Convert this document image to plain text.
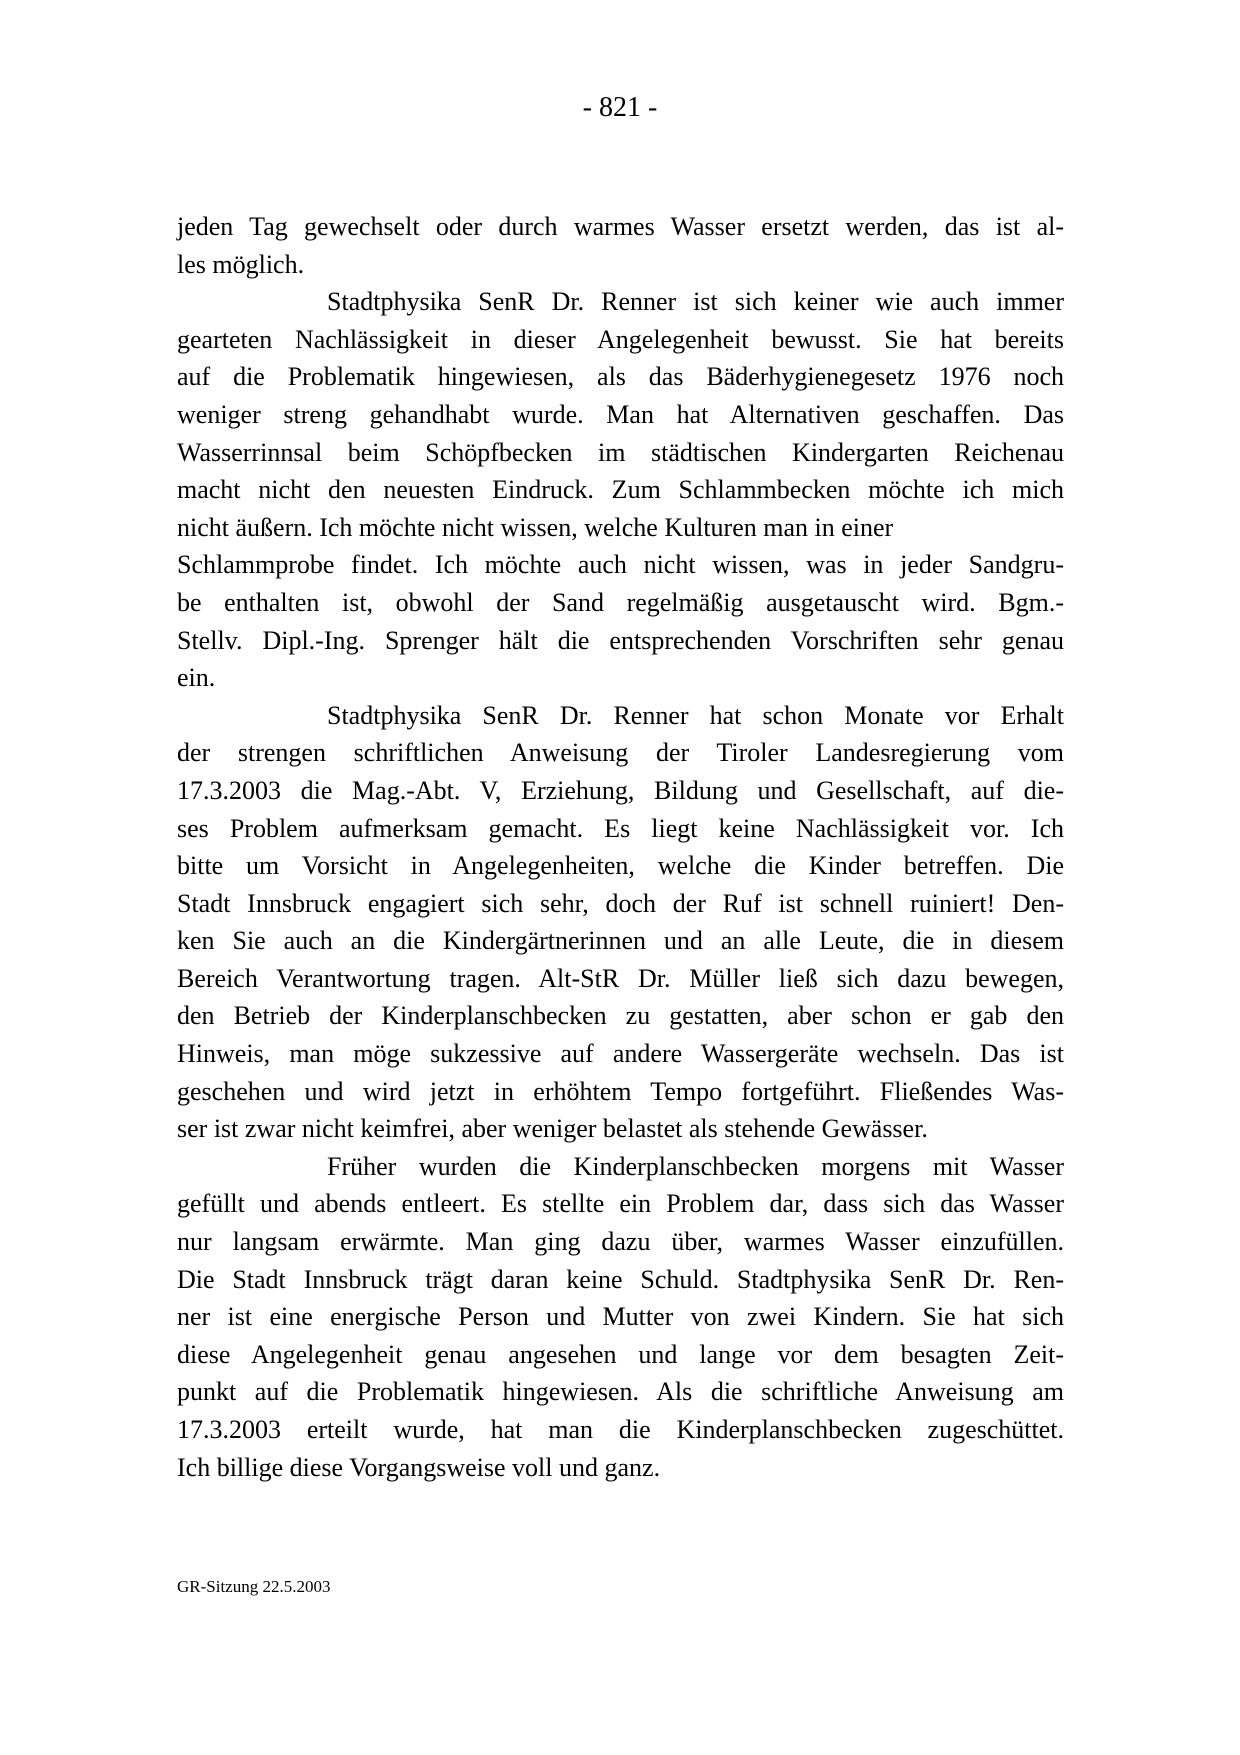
- 821 -
jeden Tag gewechselt oder durch warmes Wasser ersetzt werden, das ist al-
les möglich.
Stadtphysika SenR Dr. Renner ist sich keiner wie auch immer
gearteten Nachlässigkeit in dieser Angelegenheit bewusst. Sie hat bereits
auf die Problematik hingewiesen, als das Bäderhygienegesetz 1976 noch
weniger streng gehandhabt wurde. Man hat Alternativen geschaffen. Das
Wasserrinnsal beim Schöpfbecken im städtischen Kindergarten Reichenau
macht nicht den neuesten Eindruck. Zum Schlammbecken möchte ich mich
nicht äußern. Ich möchte nicht wissen, welche Kulturen man in einer
Schlammprobe findet. Ich möchte auch nicht wissen, was in jeder Sandgru-
be enthalten ist, obwohl der Sand regelmäßig ausgetauscht wird. Bgm.-
Stellv. Dipl.-Ing. Sprenger hält die entsprechenden Vorschriften sehr genau
ein.
Stadtphysika SenR Dr. Renner hat schon Monate vor Erhalt
der strengen schriftlichen Anweisung der Tiroler Landesregierung vom
17.3.2003 die Mag.-Abt. V, Erziehung, Bildung und Gesellschaft, auf die-
ses Problem aufmerksam gemacht. Es liegt keine Nachlässigkeit vor. Ich
bitte um Vorsicht in Angelegenheiten, welche die Kinder betreffen. Die
Stadt Innsbruck engagiert sich sehr, doch der Ruf ist schnell ruiniert! Den-
ken Sie auch an die Kindergärtnerinnen und an alle Leute, die in diesem
Bereich Verantwortung tragen. Alt-StR Dr. Müller ließ sich dazu bewegen,
den Betrieb der Kinderplanschbecken zu gestatten, aber schon er gab den
Hinweis, man möge sukzessive auf andere Wassergeräte wechseln. Das ist
geschehen und wird jetzt in erhöhtem Tempo fortgeführt. Fließendes Was-
ser ist zwar nicht keimfrei, aber weniger belastet als stehende Gewässer.
Früher wurden die Kinderplanschbecken morgens mit Wasser
gefüllt und abends entleert. Es stellte ein Problem dar, dass sich das Wasser
nur langsam erwärmte. Man ging dazu über, warmes Wasser einzufüllen.
Die Stadt Innsbruck trägt daran keine Schuld. Stadtphysika SenR Dr. Ren-
ner ist eine energische Person und Mutter von zwei Kindern. Sie hat sich
diese Angelegenheit genau angesehen und lange vor dem besagten Zeit-
punkt auf die Problematik hingewiesen. Als die schriftliche Anweisung am
17.3.2003 erteilt wurde, hat man die Kinderplanschbecken zugeschüttet.
Ich billige diese Vorgangsweise voll und ganz.
GR-Sitzung 22.5.2003
